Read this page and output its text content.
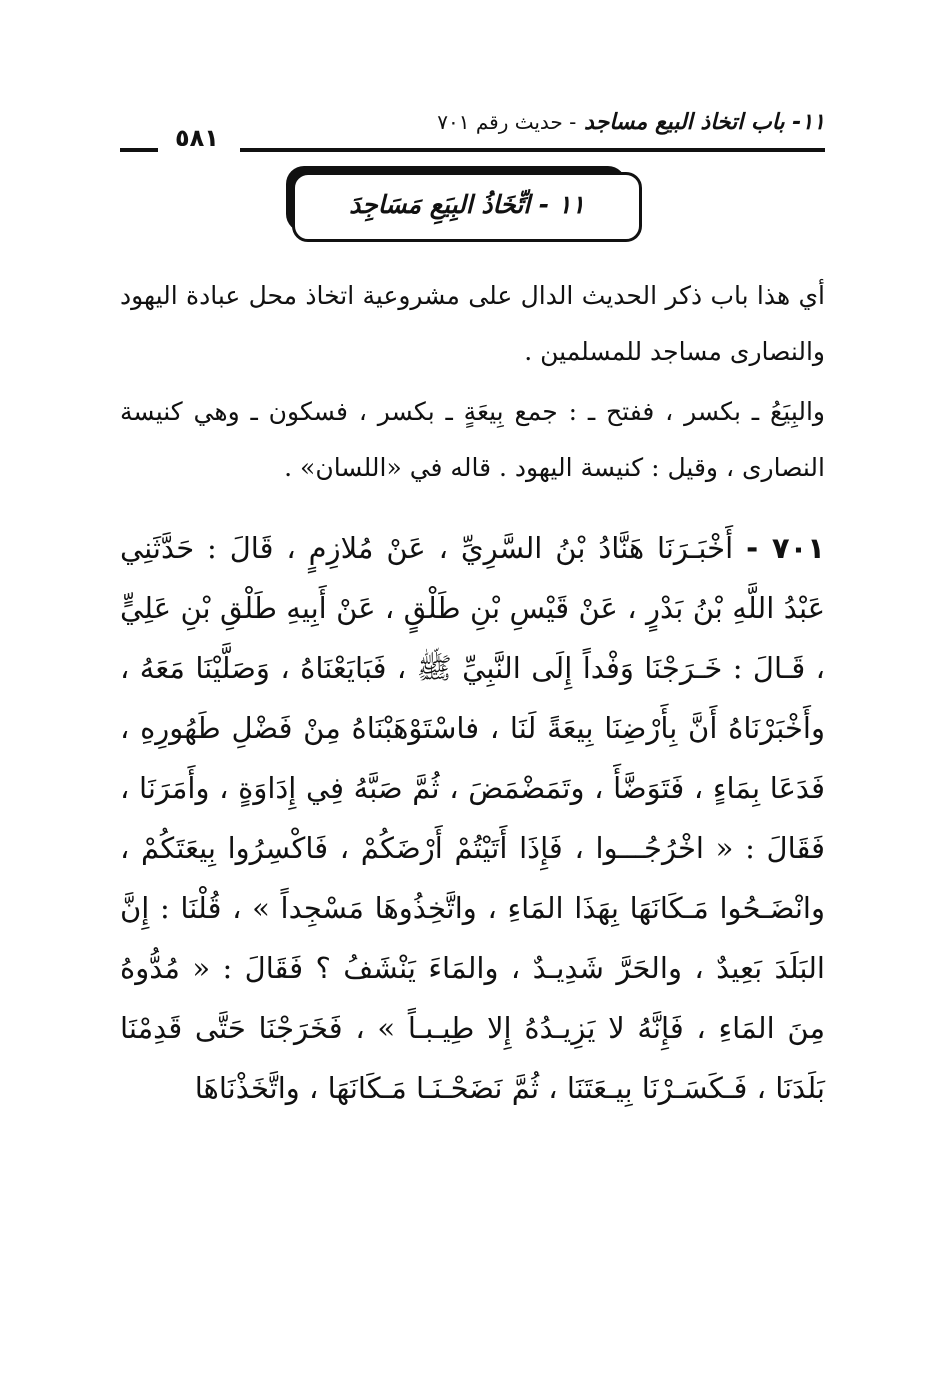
١١- باب اتخاذ البيع مساجد - حديث رقم ٧٠١
٥٨١
١١ - اتِّخَاذُ البِيَعِ مَسَاجِدَ

أي هذا باب ذكر الحديث الدال على مشروعية اتخاذ محل عبادة اليهود والنصارى مساجد للمسلمين .

والبِيَعُ ـ بكسر ، ففتح ـ : جمع بِيعَةٍ ـ بكسر ، فسكون ـ وهي كنيسة النصارى ، وقيل : كنيسة اليهود . قاله في «اللسان» .

٧٠١ - أَخْبَـرَنَا هَنَّادُ بْنُ السَّرِيِّ ، عَنْ مُلازِمٍ ، قَالَ : حَدَّثَنِي عَبْدُ اللَّهِ بْنُ بَدْرٍ ، عَنْ قَيْسِ بْنِ طَلْقٍ ، عَنْ أَبِيهِ طَلْقِ بْنِ عَلِيٍّ ، قَـالَ : خَـرَجْنَا وَفْداً إِلَى النَّبِيِّ ﷺ ، فَبَايَعْنَاهُ ، وَصَلَّيْنَا مَعَهُ ، وأَخْبَرْنَاهُ أَنَّ بِأَرْضِنَا بِيعَةً لَنَا ، فاسْتَوْهَبْنَاهُ مِنْ فَضْلِ طَهُورِهِ ، فَدَعَا بِمَاءٍ ، فَتَوَضَّأَ ، وتَمَضْمَضَ ، ثُمَّ صَبَّهُ فِي إِدَاوَةٍ ، وأَمَرَنَا ، فَقَالَ : « اخْرُجُـــوا ، فَإِذَا أَتَيْتُمْ أَرْضَكُمْ ، فَاكْسِرُوا بِيعَتَكُمْ ، وانْضَـحُوا مَـكَانَهَا بِهَذَا المَاءِ ، واتَّخِذُوهَا مَسْجِداً » ، قُلْنَا : إِنَّ البَلَدَ بَعِيدٌ ، والحَرَّ شَدِيـدٌ ، والمَاءَ يَنْشَفُ ؟ فَقَالَ : « مُدُّوهُ مِنَ المَاءِ ، فَإِنَّهُ لا يَزِيـدُهُ إِلا طِيـبـاً » ، فَخَرَجْنَا حَتَّى قَدِمْنَا بَلَدَنَا ، فَـكَسَـرْنَا بِيـعَتَنَا ، ثُمَّ نَضَحْـنَـا مَـكَانَهَا ، واتَّخَذْنَاهَا
